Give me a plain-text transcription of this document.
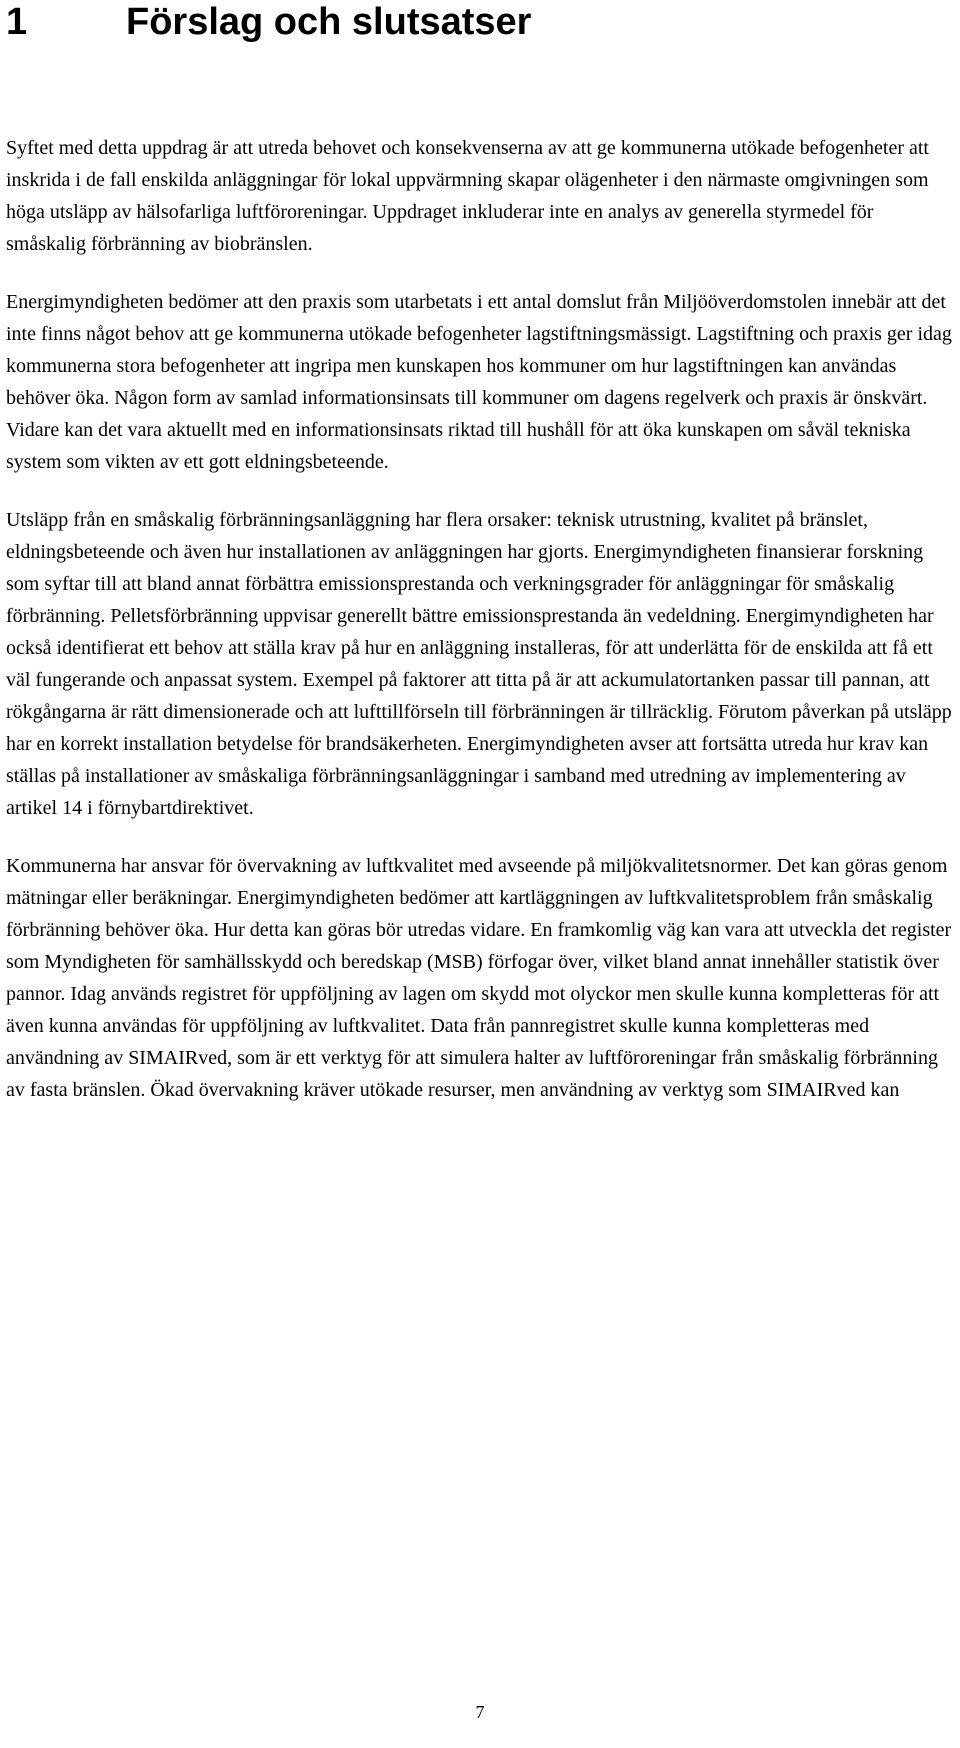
1	Förslag och slutsatser

Syftet med detta uppdrag är att utreda behovet och konsekvenserna av att ge kommunerna utökade befogenheter att inskrida i de fall enskilda anläggningar för lokal uppvärmning skapar olägenheter i den närmaste omgivningen som höga utsläpp av hälsofarliga luftföroreningar. Uppdraget inkluderar inte en analys av generella styrmedel för småskalig förbränning av biobränslen.

Energimyndigheten bedömer att den praxis som utarbetats i ett antal domslut från Miljööverdomstolen innebär att det inte finns något behov att ge kommunerna utökade befogenheter lagstiftningsmässigt. Lagstiftning och praxis ger idag kommunerna stora befogenheter att ingripa men kunskapen hos kommuner om hur lagstiftningen kan användas behöver öka. Någon form av samlad informationsinsats till kommuner om dagens regelverk och praxis är önskvärt. Vidare kan det vara aktuellt med en informationsinsats riktad till hushåll för att öka kunskapen om såväl tekniska system som vikten av ett gott eldningsbeteende.

Utsläpp från en småskalig förbränningsanläggning har flera orsaker: teknisk utrustning, kvalitet på bränslet, eldningsbeteende och även hur installationen av anläggningen har gjorts. Energimyndigheten finansierar forskning som syftar till att bland annat förbättra emissionsprestanda och verkningsgrader för anläggningar för småskalig förbränning. Pelletsförbränning uppvisar generellt bättre emissionsprestanda än vedeldning. Energimyndigheten har också identifierat ett behov att ställa krav på hur en anläggning installeras, för att underlätta för de enskilda att få ett väl fungerande och anpassat system. Exempel på faktorer att titta på är att ackumulatortanken passar till pannan, att rökgångarna är rätt dimensionerade och att lufttillförseln till förbränningen är tillräcklig. Förutom påverkan på utsläpp har en korrekt installation betydelse för brandsäkerheten. Energimyndigheten avser att fortsätta utreda hur krav kan ställas på installationer av småskaliga förbränningsanläggningar i samband med utredning av implementering av artikel 14 i förnybartdirektivet.

Kommunerna har ansvar för övervakning av luftkvalitet med avseende på miljökvalitetsnormer. Det kan göras genom mätningar eller beräkningar. Energimyndigheten bedömer att kartläggningen av luftkvalitetsproblem från småskalig förbränning behöver öka. Hur detta kan göras bör utredas vidare. En framkomlig väg kan vara att utveckla det register som Myndigheten för samhällsskydd och beredskap (MSB) förfogar över, vilket bland annat innehåller statistik över pannor. Idag används registret för uppföljning av lagen om skydd mot olyckor men skulle kunna kompletteras för att även kunna användas för uppföljning av luftkvalitet. Data från pannregistret skulle kunna kompletteras med användning av SIMAIRved, som är ett verktyg för att simulera halter av luftföroreningar från småskalig förbränning av fasta bränslen. Ökad övervakning kräver utökade resurser, men användning av verktyg som SIMAIRved kan

7
